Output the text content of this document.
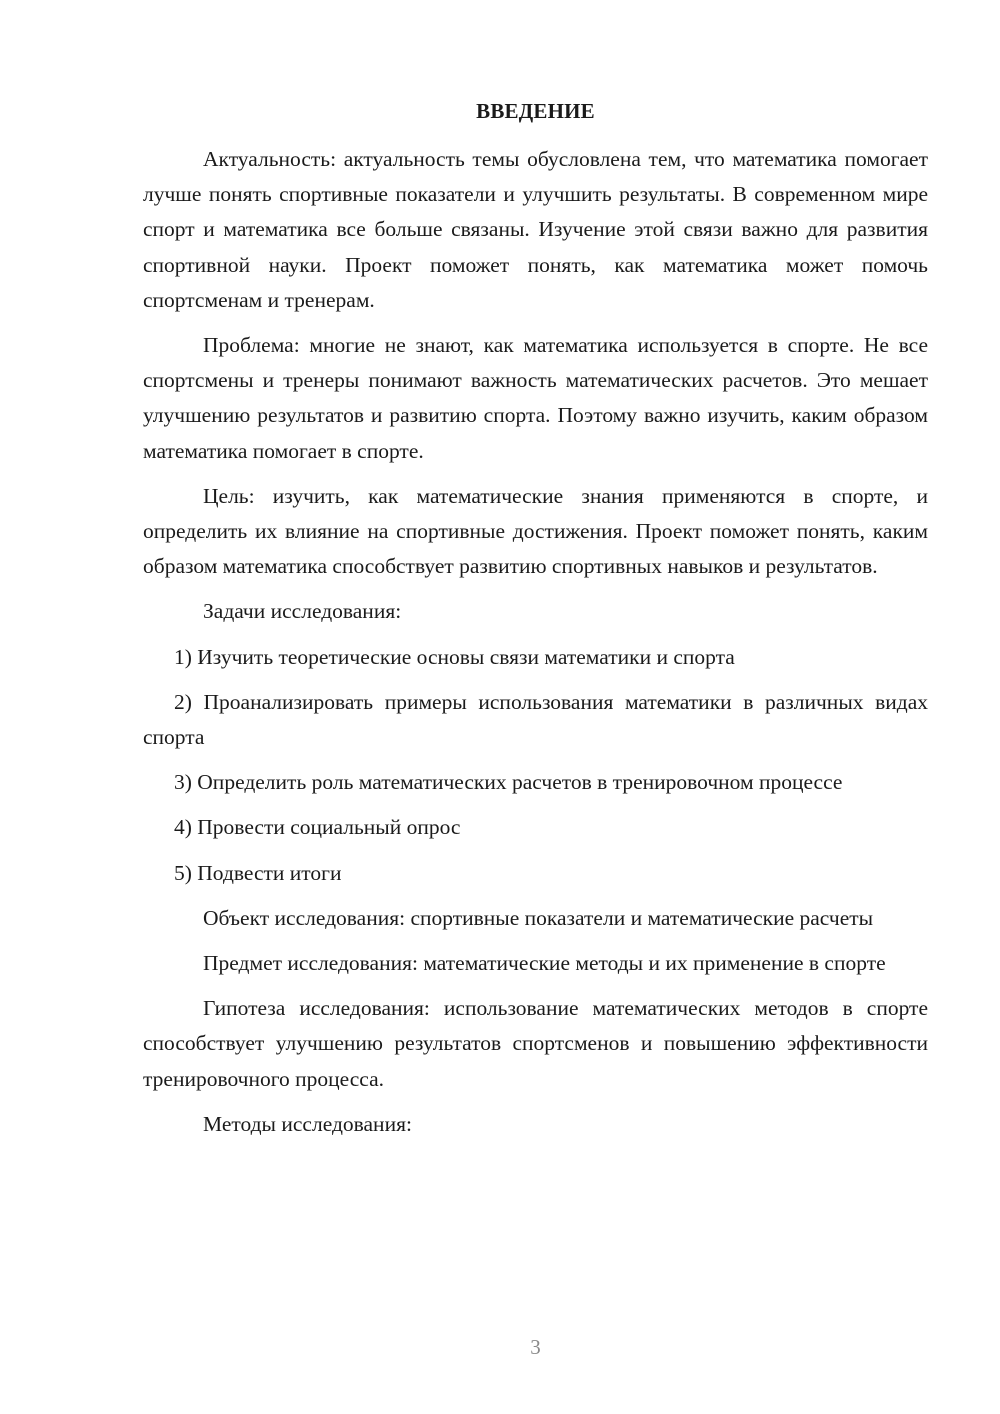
ВВЕДЕНИЕ

Актуальность: актуальность темы обусловлена тем, что математика помогает лучше понять спортивные показатели и улучшить результаты. В современном мире спорт и математика все больше связаны. Изучение этой связи важно для развития спортивной науки. Проект поможет понять, как математика может помочь спортсменам и тренерам.

Проблема: многие не знают, как математика используется в спорте. Не все спортсмены и тренеры понимают важность математических расчетов. Это мешает улучшению результатов и развитию спорта. Поэтому важно изучить, каким образом математика помогает в спорте.

Цель: изучить, как математические знания применяются в спорте, и определить их влияние на спортивные достижения. Проект поможет понять, каким образом математика способствует развитию спортивных навыков и результатов.

Задачи исследования:

1) Изучить теоретические основы связи математики и спорта

2) Проанализировать примеры использования математики в различных видах спорта

3) Определить роль математических расчетов в тренировочном процессе

4) Провести социальный опрос

5) Подвести итоги

Объект исследования: спортивные показатели и математические расчеты

Предмет исследования: математические методы и их применение в спорте

Гипотеза исследования: использование математических методов в спорте способствует улучшению результатов спортсменов и повышению эффективности тренировочного процесса.

Методы исследования:

3
